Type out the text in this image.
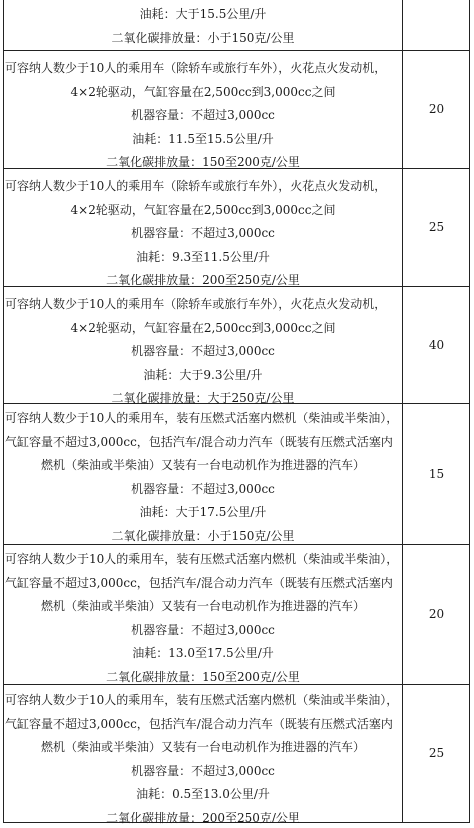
油耗：大于15.5公里/升
二氧化碳排放量：小于150克/公里
可容纳人数少于10人的乘用车（除轿车或旅行车外），火花点火发动机，
4×2轮驱动，气缸容量在2,500cc到3,000cc之间
机器容量：不超过3,000cc
油耗：11.5至15.5公里/升
二氧化碳排放量：150至200克/公里
20
可容纳人数少于10人的乘用车（除轿车或旅行车外），火花点火发动机，
4×2轮驱动，气缸容量在2,500cc到3,000cc之间
机器容量：不超过3,000cc
油耗：9.3至11.5公里/升
二氧化碳排放量：200至250克/公里
25
可容纳人数少于10人的乘用车（除轿车或旅行车外），火花点火发动机，
4×2轮驱动，气缸容量在2,500cc到3,000cc之间
机器容量：不超过3,000cc
油耗：大于9.3公里/升
二氧化碳排放量：大于250克/公里
40
可容纳人数少于10人的乘用车，装有压燃式活塞内燃机（柴油或半柴油），
气缸容量不超过3,000cc，包括汽车/混合动力汽车（既装有压燃式活塞内
燃机（柴油或半柴油）又装有一台电动机作为推进器的汽车）
机器容量：不超过3,000cc
油耗：大于17.5公里/升
二氧化碳排放量：小于150克/公里
15
可容纳人数少于10人的乘用车，装有压燃式活塞内燃机（柴油或半柴油），
气缸容量不超过3,000cc，包括汽车/混合动力汽车（既装有压燃式活塞内
燃机（柴油或半柴油）又装有一台电动机作为推进器的汽车）
机器容量：不超过3,000cc
油耗：13.0至17.5公里/升
二氧化碳排放量：150至200克/公里
20
可容纳人数少于10人的乘用车，装有压燃式活塞内燃机（柴油或半柴油），
气缸容量不超过3,000cc，包括汽车/混合动力汽车（既装有压燃式活塞内
燃机（柴油或半柴油）又装有一台电动机作为推进器的汽车）
机器容量：不超过3,000cc
油耗：0.5至13.0公里/升
二氧化碳排放量：200至250克/公里
25
